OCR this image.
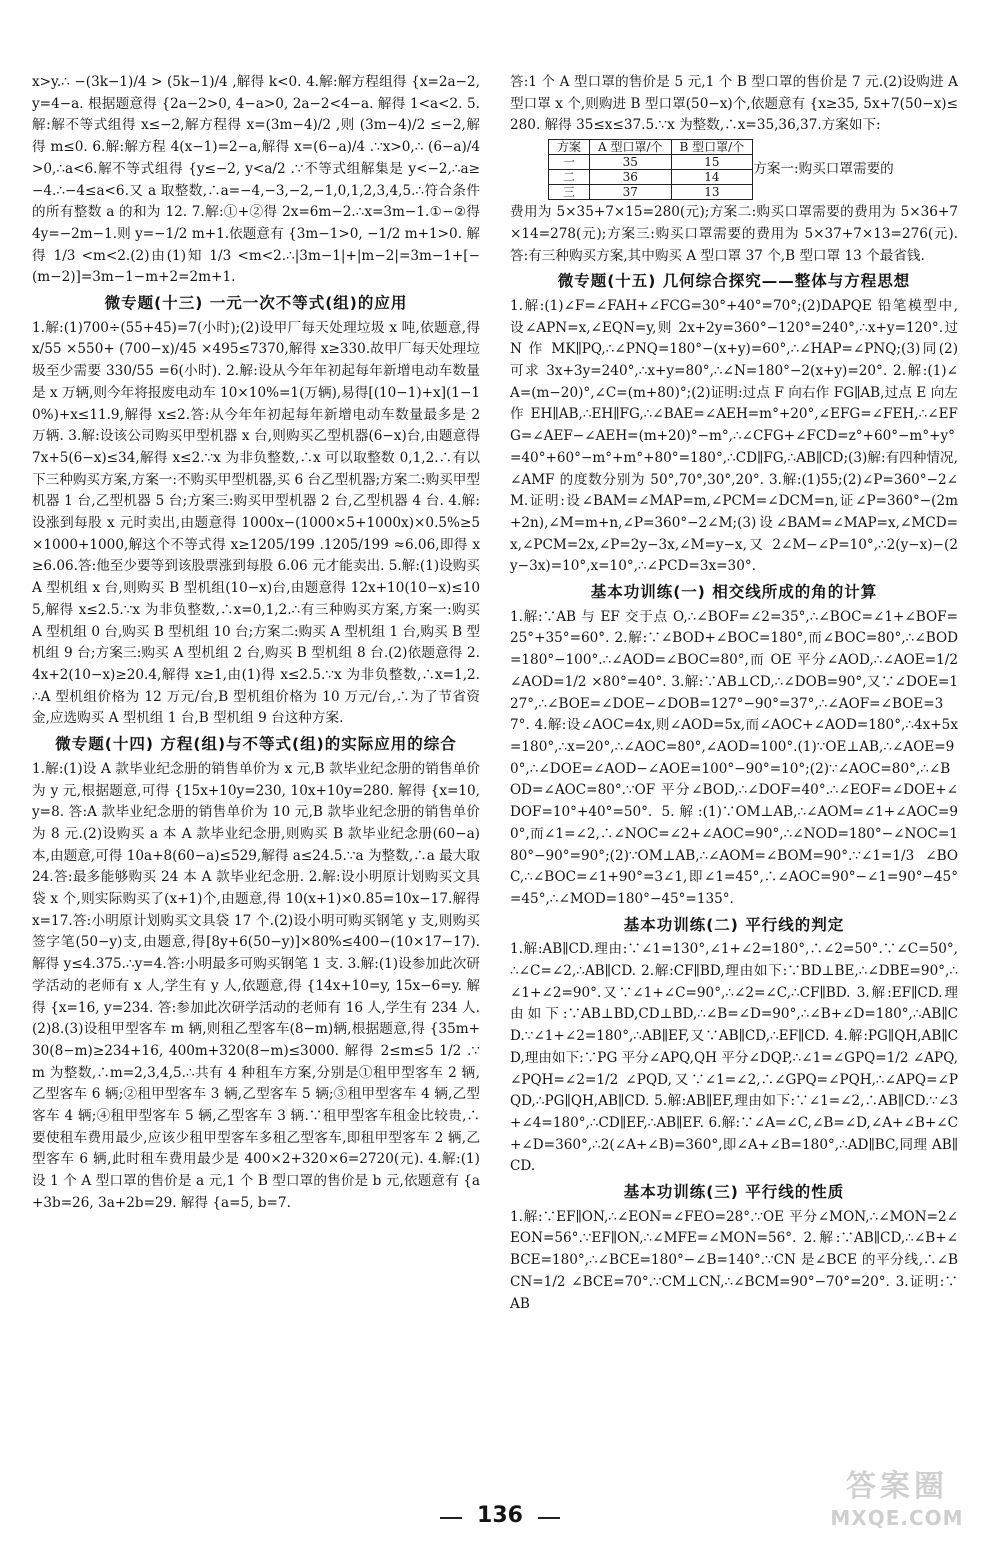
x>y.∴ −(3k−1)/4 > (5k−1)/4 ,解得 k<0. 4.解:解方程组得 {x=2a−2, y=4−a. 根据题意得 {2a−2>0, 4−a>0, 2a−2<4−a. 解得 1<a<2. 5.解:解不等式组得 x≤−2,解方程得 x=(3m−4)/2 ,则 (3m−4)/2 ≤−2,解得 m≤0. 6.解:解方程 4(x−1)=2−a,解得 x=(6−a)/4 .∵x>0,∴ (6−a)/4 >0,∴a<6.解不等式组得 {y≤−2, y<a/2 .∵不等式组解集是 y<−2,∴a≥−4.∴−4≤a<6.又 a 取整数,∴a=−4,−3,−2,−1,0,1,2,3,4,5.∴符合条件的所有整数 a 的和为 12. 7.解:①+②得 2x=6m−2.∴x=3m−1.①−②得 4y=−2m−1.则 y=−1/2 m+1.依题意有 {3m−1>0, −1/2 m+1>0. 解得 1/3 <m<2.(2)由(1)知 1/3 <m<2.∴|3m−1|+|m−2|=3m−1+[−(m−2)]=3m−1−m+2=2m+1.

微专题(十三) 一元一次不等式(组)的应用

1.解:(1)700÷(55+45)=7(小时);(2)设甲厂每天处理垃圾 x 吨,依题意,得 x/55 ×550+ (700−x)/45 ×495≤7370,解得 x≥330.故甲厂每天处理垃圾至少需要 330/55 =6(小时). 2.解:设从今年年初起每年新增电动车数量是 x 万辆,则今年将报废电动车 10×10%=1(万辆),易得[(10−1)+x](1−10%)+x≤11.9,解得 x≤2.答:从今年年初起每年新增电动车数量最多是 2 万辆. 3.解:设该公司购买甲型机器 x 台,则购买乙型机器(6−x)台,由题意得 7x+5(6−x)≤34,解得 x≤2.∵x 为非负整数,∴x 可以取整数 0,1,2.∴有以下三种购买方案,方案一:不购买甲型机器,买 6 台乙型机器;方案二:购买甲型机器 1 台,乙型机器 5 台;方案三:购买甲型机器 2 台,乙型机器 4 台. 4.解:设涨到每股 x 元时卖出,由题意得 1000x−(1000×5+1000x)×0.5%≥5×1000+1000,解这个不等式得 x≥1205/199 .1205/199 ≈6.06,即得 x≥6.06.答:他至少要等到该股票涨到每股 6.06 元才能卖出. 5.解:(1)设购买 A 型机组 x 台,则购买 B 型机组(10−x)台,由题意得 12x+10(10−x)≤105,解得 x≤2.5.∵x 为非负整数,∴x=0,1,2.∴有三种购买方案,方案一:购买 A 型机组 0 台,购买 B 型机组 10 台;方案二:购买 A 型机组 1 台,购买 B 型机组 9 台;方案三:购买 A 型机组 2 台,购买 B 型机组 8 台.(2)依题意得 2.4x+2(10−x)≥20.4,解得 x≥1,由(1)得 x≤2.5.∵x 为非负整数,∴x=1,2.∴A 型机组价格为 12 万元/台,B 型机组价格为 10 万元/台,∴为了节省资金,应选购买 A 型机组 1 台,B 型机组 9 台这种方案.

微专题(十四) 方程(组)与不等式(组)的实际应用的综合

1.解:(1)设 A 款毕业纪念册的销售单价为 x 元,B 款毕业纪念册的销售单价为 y 元,根据题意,可得 {15x+10y=230, 10x+10y=280. 解得 {x=10, y=8. 答:A 款毕业纪念册的销售单价为 10 元,B 款毕业纪念册的销售单价为 8 元.(2)设购买 a 本 A 款毕业纪念册,则购买 B 款毕业纪念册(60−a)本,由题意,可得 10a+8(60−a)≤529,解得 a≤24.5.∵a 为整数,∴a 最大取 24.答:最多能够购买 24 本 A 款毕业纪念册. 2.解:设小明原计划购买文具袋 x 个,则实际购买了(x+1)个,由题意,得 10(x+1)×0.85=10x−17.解得 x=17.答:小明原计划购买文具袋 17 个.(2)设小明可购买钢笔 y 支,则购买签字笔(50−y)支,由题意,得[8y+6(50−y)]×80%≤400−(10×17−17).解得 y≤4.375.∴y=4.答:小明最多可购买钢笔 1 支. 3.解:(1)设参加此次研学活动的老师有 x 人,学生有 y 人,依题意,得 {14x+10=y, 15x−6=y. 解得 {x=16, y=234. 答:参加此次研学活动的老师有 16 人,学生有 234 人.(2)8.(3)设租甲型客车 m 辆,则租乙型客车(8−m)辆,根据题意,得 {35m+30(8−m)≥234+16, 400m+320(8−m)≤3000. 解得 2≤m≤5 1/2 .∵m 为整数,∴m=2,3,4,5.∴共有 4 种租车方案,分别是①租甲型客车 2 辆,乙型客车 6 辆;②租甲型客车 3 辆,乙型客车 5 辆;③租甲型客车 4 辆,乙型客车 4 辆;④租甲型客车 5 辆,乙型客车 3 辆.∵租甲型客车租金比较贵,∴要使租车费用最少,应该少租甲型客车多租乙型客车,即租甲型客车 2 辆,乙型客车 6 辆,此时租车费用最少是 400×2+320×6=2720(元). 4.解:(1)设 1 个 A 型口罩的售价是 a 元,1 个 B 型口罩的售价是 b 元,依题意有 {a+3b=26, 3a+2b=29. 解得 {a=5, b=7.

答:1 个 A 型口罩的售价是 5 元,1 个 B 型口罩的售价是 7 元.(2)设购进 A 型口罩 x 个,则购进 B 型口罩(50−x)个,依题意有 {x≥35, 5x+7(50−x)≤280. 解得 35≤x≤37.5.∵x 为整数,∴x=35,36,37.方案如下:

方案	A 型口罩/个	B 型口罩/个
一	35	15
二	36	14
三	37	13
方案一:购买口罩需要的

费用为 5×35+7×15=280(元);方案二:购买口罩需要的费用为 5×36+7×14=278(元);方案三:购买口罩需要的费用为 5×37+7×13=276(元).答:有三种购买方案,其中购买 A 型口罩 37 个,B 型口罩 13 个最省钱.

微专题(十五) 几何综合探究——整体与方程思想

1.解:(1)∠F=∠FAH+∠FCG=30°+40°=70°;(2)DAPQE 铅笔模型中,设∠APN=x,∠EQN=y,则 2x+2y=360°−120°=240°,∴x+y=120°.过 N 作 MK∥PQ,∴∠PNQ=180°−(x+y)=60°,∴∠HAP=∠PNQ;(3)同(2)可求 3x+3y=240°,∴x+y=80°,∴∠N=180°−2(x+y)=20°. 2.解:(1)∠A=(m−20)°,∠C=(m+80)°;(2)证明:过点 F 向右作 FG∥AB,过点 E 向左作 EH∥AB,∴EH∥FG,∴∠BAE=∠AEH=m°+20°,∠EFG=∠FEH,∴∠EFG=∠AEF−∠AEH=(m+20)°−m°,∴∠CFG+∠FCD=z°+60°−m°+y°=40°+60°−m°+m°+80°=180°,∴CD∥FG,∴AB∥CD;(3)解:有四种情况,∠AMF 的度数分别为 50°,70°,30°,20°. 3.解:(1)55;(2)∠P=360°−2∠M.证明:设∠BAM=∠MAP=m,∠PCM=∠DCM=n,证∠P=360°−(2m+2n),∠M=m+n,∠P=360°−2∠M;(3)设∠BAM=∠MAP=x,∠MCD=x,∠PCM=2x,∠P=2y−3x,∠M=y−x,又 2∠M−∠P=10°,∴2(y−x)−(2y−3x)=10°,x=10°,∴∠PCD=3x=30°.

基本功训练(一) 相交线所成的角的计算

1.解:∵AB 与 EF 交于点 O,∴∠BOF=∠2=35°,∴∠BOC=∠1+∠BOF=25°+35°=60°. 2.解:∵∠BOD+∠BOC=180°,而∠BOC=80°,∴∠BOD=180°−100°.∴∠AOD=∠BOC=80°,而 OE 平分∠AOD,∴∠AOE=1/2 ∠AOD=1/2 ×80°=40°. 3.解:∵AB⊥CD,∴∠DOB=90°,又∵∠DOE=127°,∴∠BOE=∠DOE−∠DOB=127°−90°=37°,∴∠AOF=∠BOE=37°. 4.解:设∠AOC=4x,则∠AOD=5x,而∠AOC+∠AOD=180°,∴4x+5x=180°,∴x=20°,∴∠AOC=80°,∠AOD=100°.(1)∵OE⊥AB,∴∠AOE=90°,∴∠DOE=∠AOD−∠AOE=100°−90°=10°;(2)∵∠AOC=80°,∴∠BOD=∠AOC=80°.∵OF 平分∠BOD,∴∠DOF=40°.∴∠EOF=∠DOE+∠DOF=10°+40°=50°. 5.解:(1)∵OM⊥AB,∴∠AOM=∠1+∠AOC=90°,而∠1=∠2,∴∠NOC=∠2+∠AOC=90°,∴∠NOD=180°−∠NOC=180°−90°=90°;(2)∵OM⊥AB,∴∠AOM=∠BOM=90°.∵∠1=1/3 ∠BOC,∴∠BOC=∠1+90°=3∠1,即∠1=45°,∴∠AOC=90°−∠1=90°−45°=45°,∴∠MOD=180°−45°=135°.

基本功训练(二) 平行线的判定

1.解:AB∥CD.理由:∵∠1=130°,∠1+∠2=180°,∴∠2=50°.∵∠C=50°,∴∠C=∠2,∴AB∥CD. 2.解:CF∥BD,理由如下:∵BD⊥BE,∴∠DBE=90°,∴∠1+∠2=90°.又∵∠1+∠C=90°,∴∠2=∠C,∴CF∥BD. 3.解:EF∥CD.理由如下:∵AB⊥BD,CD⊥BD,∴∠B=∠D=90°,∴∠B+∠D=180°,∴AB∥CD.∵∠1+∠2=180°,∴AB∥EF,又∵AB∥CD,∴EF∥CD. 4.解:PG∥QH,AB∥CD,理由如下:∵PG 平分∠APQ,QH 平分∠DQP,∴∠1=∠GPQ=1/2 ∠APQ,∠PQH=∠2=1/2 ∠PQD,又∵∠1=∠2,∴∠GPQ=∠PQH,∴∠APQ=∠PQD,∴PG∥QH,AB∥CD. 5.解:AB∥EF,理由如下:∵∠1=∠2,∴AB∥CD.∵∠3+∠4=180°,∴CD∥EF,∴AB∥EF. 6.解:∵∠A=∠C,∠B=∠D,∠A+∠B+∠C+∠D=360°,∴2(∠A+∠B)=360°,即∠A+∠B=180°,∴AD∥BC,同理 AB∥CD.

基本功训练(三) 平行线的性质

1.解:∵EF∥ON,∴∠EON=∠FEO=28°.∵OE 平分∠MON,∴∠MON=2∠EON=56°.∵EF∥ON,∴∠MFE=∠MON=56°. 2.解:∵AB∥CD,∴∠B+∠BCE=180°,∴∠BCE=180°−∠B=140°.∵CN 是∠BCE 的平分线,∴∠BCN=1/2 ∠BCE=70°.∵CM⊥CN,∴∠BCM=90°−70°=20°. 3.证明:∵AB

136
答案圈
MXQE.COM
